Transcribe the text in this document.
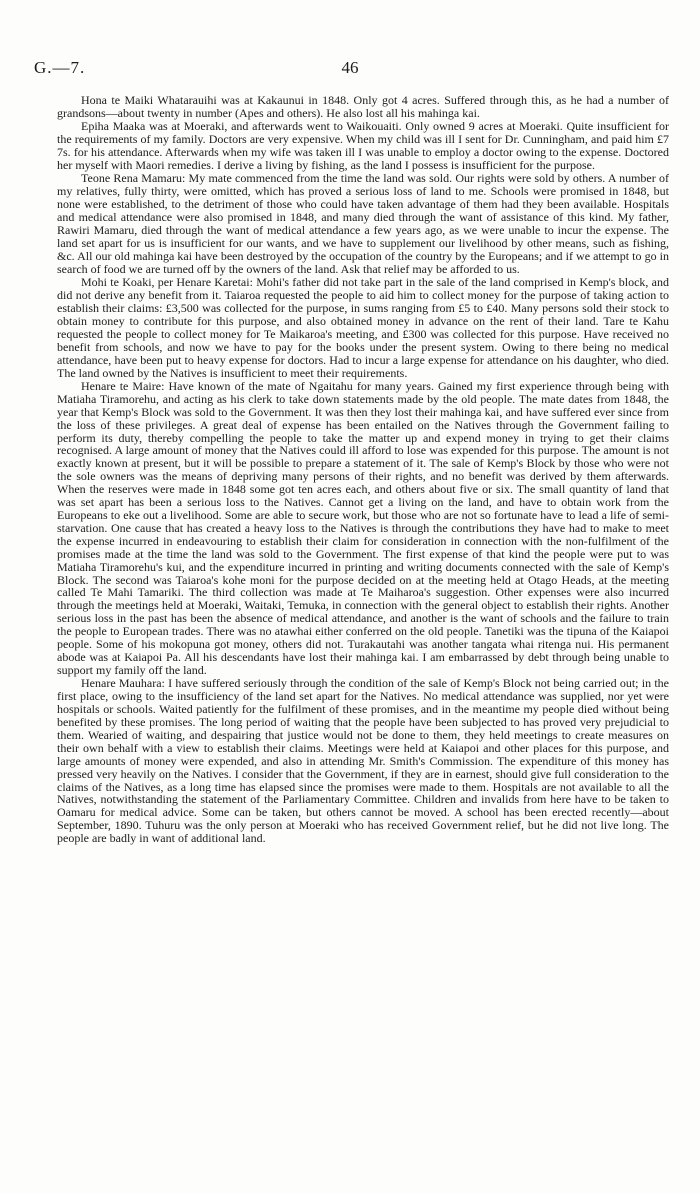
G.—7.	46

Hona te Maiki Whatarauihi was at Kakaunui in 1848. Only got 4 acres. Suffered through this, as he had a number of grandsons—about twenty in number (Apes and others). He also lost all his mahinga kai.

Epiha Maaka was at Moeraki, and afterwards went to Waikouaiti. Only owned 9 acres at Moeraki. Quite insufficient for the requirements of my family. Doctors are very expensive. When my child was ill I sent for Dr. Cunningham, and paid him £7 7s. for his attendance. Afterwards when my wife was taken ill I was unable to employ a doctor owing to the expense. Doctored her myself with Maori remedies. I derive a living by fishing, as the land I possess is insufficient for the purpose.

Teone Rena Mamaru: My mate commenced from the time the land was sold. Our rights were sold by others. A number of my relatives, fully thirty, were omitted, which has proved a serious loss of land to me. Schools were promised in 1848, but none were established, to the detriment of those who could have taken advantage of them had they been available. Hospitals and medical attendance were also promised in 1848, and many died through the want of assistance of this kind. My father, Rawiri Mamaru, died through the want of medical attendance a few years ago, as we were unable to incur the expense. The land set apart for us is insufficient for our wants, and we have to supplement our livelihood by other means, such as fishing, &c. All our old mahinga kai have been destroyed by the occupation of the country by the Europeans; and if we attempt to go in search of food we are turned off by the owners of the land. Ask that relief may be afforded to us.

Mohi te Koaki, per Henare Karetai: Mohi's father did not take part in the sale of the land comprised in Kemp's block, and did not derive any benefit from it. Taiaroa requested the people to aid him to collect money for the purpose of taking action to establish their claims: £3,500 was collected for the purpose, in sums ranging from £5 to £40. Many persons sold their stock to obtain money to contribute for this purpose, and also obtained money in advance on the rent of their land. Tare te Kahu requested the people to collect money for Te Maikaroa's meeting, and £300 was collected for this purpose. Have received no benefit from schools, and now we have to pay for the books under the present system. Owing to there being no medical attendance, have been put to heavy expense for doctors. Had to incur a large expense for attendance on his daughter, who died. The land owned by the Natives is insufficient to meet their requirements.

Henare te Maire: Have known of the mate of Ngaitahu for many years. Gained my first experience through being with Matiaha Tiramorehu, and acting as his clerk to take down statements made by the old people. The mate dates from 1848, the year that Kemp's Block was sold to the Government. It was then they lost their mahinga kai, and have suffered ever since from the loss of these privileges. A great deal of expense has been entailed on the Natives through the Government failing to perform its duty, thereby compelling the people to take the matter up and expend money in trying to get their claims recognised. A large amount of money that the Natives could ill afford to lose was expended for this purpose. The amount is not exactly known at present, but it will be possible to prepare a statement of it. The sale of Kemp's Block by those who were not the sole owners was the means of depriving many persons of their rights, and no benefit was derived by them afterwards. When the reserves were made in 1848 some got ten acres each, and others about five or six. The small quantity of land that was set apart has been a serious loss to the Natives. Cannot get a living on the land, and have to obtain work from the Europeans to eke out a livelihood. Some are able to secure work, but those who are not so fortunate have to lead a life of semi-starvation. One cause that has created a heavy loss to the Natives is through the contributions they have had to make to meet the expense incurred in endeavouring to establish their claim for consideration in connection with the non-fulfilment of the promises made at the time the land was sold to the Government. The first expense of that kind the people were put to was Matiaha Tiramorehu's kui, and the expenditure incurred in printing and writing documents connected with the sale of Kemp's Block. The second was Taiaroa's kohe moni for the purpose decided on at the meeting held at Otago Heads, at the meeting called Te Mahi Tamariki. The third collection was made at Te Maiharoa's suggestion. Other expenses were also incurred through the meetings held at Moeraki, Waitaki, Temuka, in connection with the general object to establish their rights. Another serious loss in the past has been the absence of medical attendance, and another is the want of schools and the failure to train the people to European trades. There was no atawhai either conferred on the old people. Tanetiki was the tipuna of the Kaiapoi people. Some of his mokopuna got money, others did not. Turakautahi was another tangata whai ritenga nui. His permanent abode was at Kaiapoi Pa. All his descendants have lost their mahinga kai. I am embarrassed by debt through being unable to support my family off the land.

Henare Mauhara: I have suffered seriously through the condition of the sale of Kemp's Block not being carried out; in the first place, owing to the insufficiency of the land set apart for the Natives. No medical attendance was supplied, nor yet were hospitals or schools. Waited patiently for the fulfilment of these promises, and in the meantime my people died without being benefited by these promises. The long period of waiting that the people have been subjected to has proved very prejudicial to them. Wearied of waiting, and despairing that justice would not be done to them, they held meetings to create measures on their own behalf with a view to establish their claims. Meetings were held at Kaiapoi and other places for this purpose, and large amounts of money were expended, and also in attending Mr. Smith's Commission. The expenditure of this money has pressed very heavily on the Natives. I consider that the Government, if they are in earnest, should give full consideration to the claims of the Natives, as a long time has elapsed since the promises were made to them. Hospitals are not available to all the Natives, notwithstanding the statement of the Parliamentary Committee. Children and invalids from here have to be taken to Oamaru for medical advice. Some can be taken, but others cannot be moved. A school has been erected recently—about September, 1890. Tuhuru was the only person at Moeraki who has received Government relief, but he did not live long. The people are badly in want of additional land.
